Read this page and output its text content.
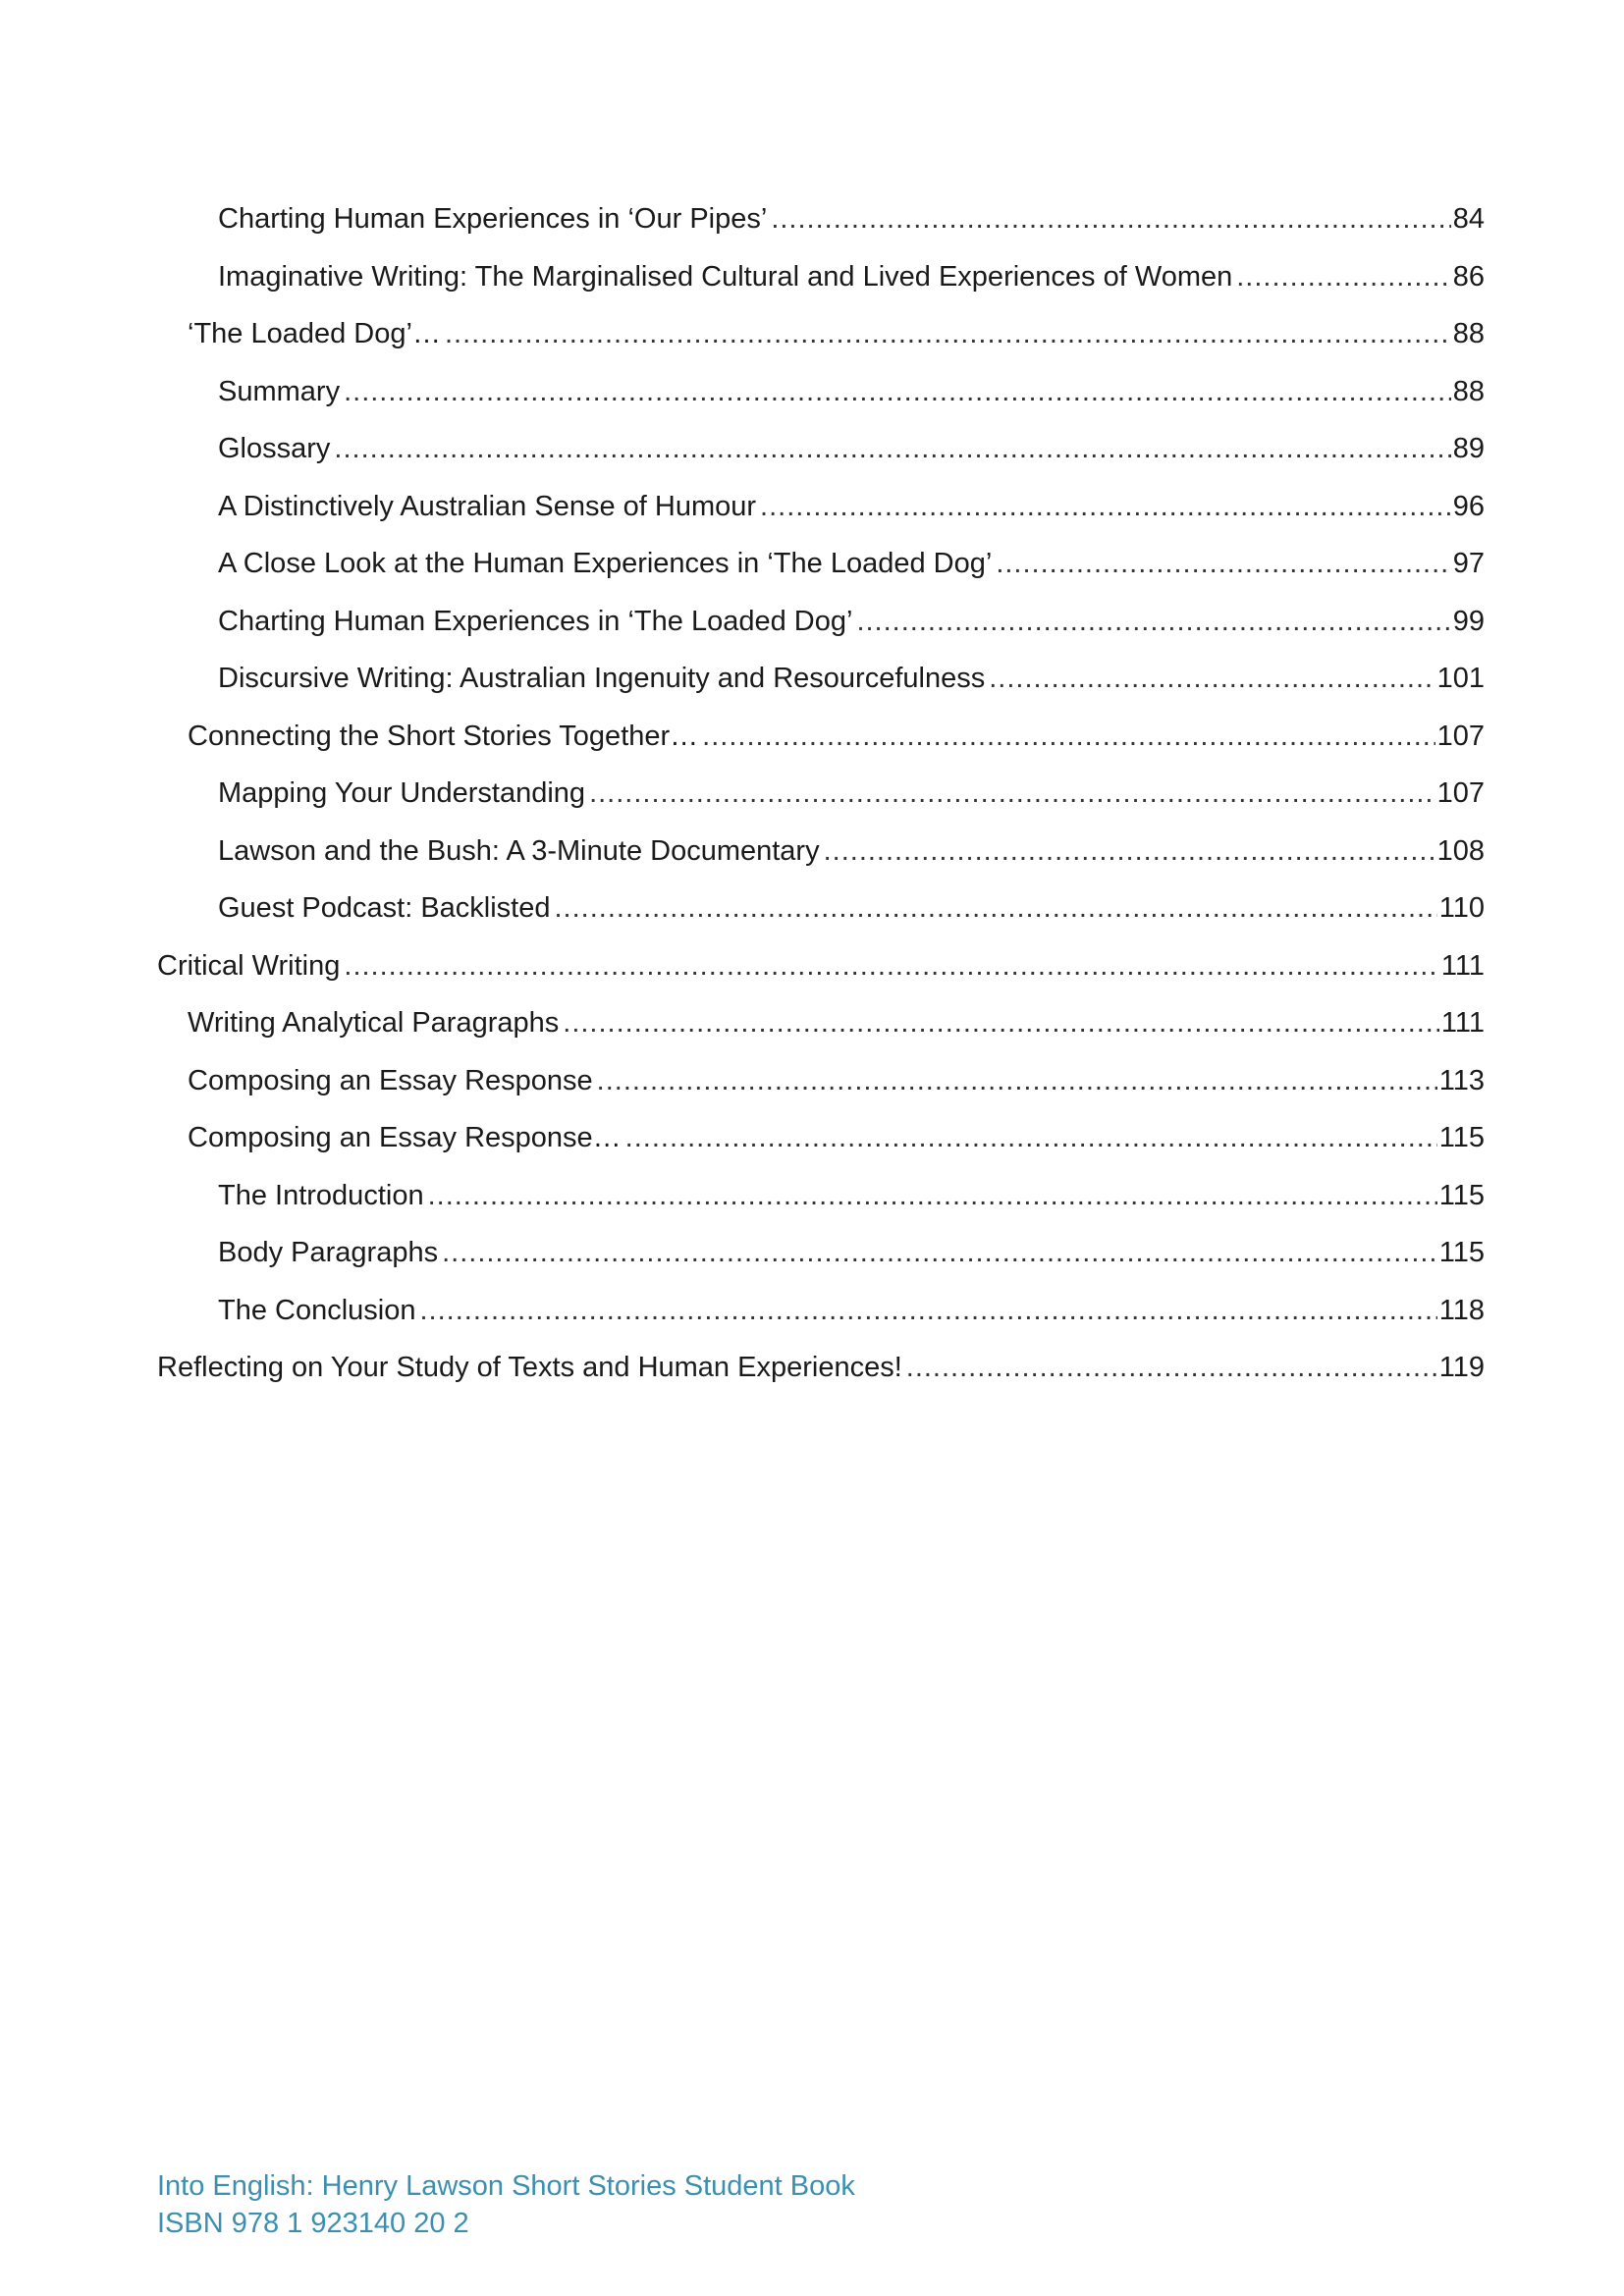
Charting Human Experiences in ‘Our Pipes’ .....	84
Imaginative Writing: The Marginalised Cultural and Lived Experiences of Women .....	86
‘The Loaded Dog’… .....	88
Summary .....	88
Glossary .....	89
A Distinctively Australian Sense of Humour .....	96
A Close Look at the Human Experiences in ‘The Loaded Dog’ .....	97
Charting Human Experiences in ‘The Loaded Dog’ .....	99
Discursive Writing: Australian Ingenuity and Resourcefulness .....	101
Connecting the Short Stories Together… .....	107
Mapping Your Understanding .....	107
Lawson and the Bush: A 3-Minute Documentary .....	108
Guest Podcast: Backlisted .....	110
Critical Writing .....	111
Writing Analytical Paragraphs .....	111
Composing an Essay Response .....	113
Composing an Essay Response… .....	115
The Introduction .....	115
Body Paragraphs .....	115
The Conclusion .....	118
Reflecting on Your Study of Texts and Human Experiences! .....	119
Into English: Henry Lawson Short Stories Student Book
ISBN 978 1 923140 20 2
